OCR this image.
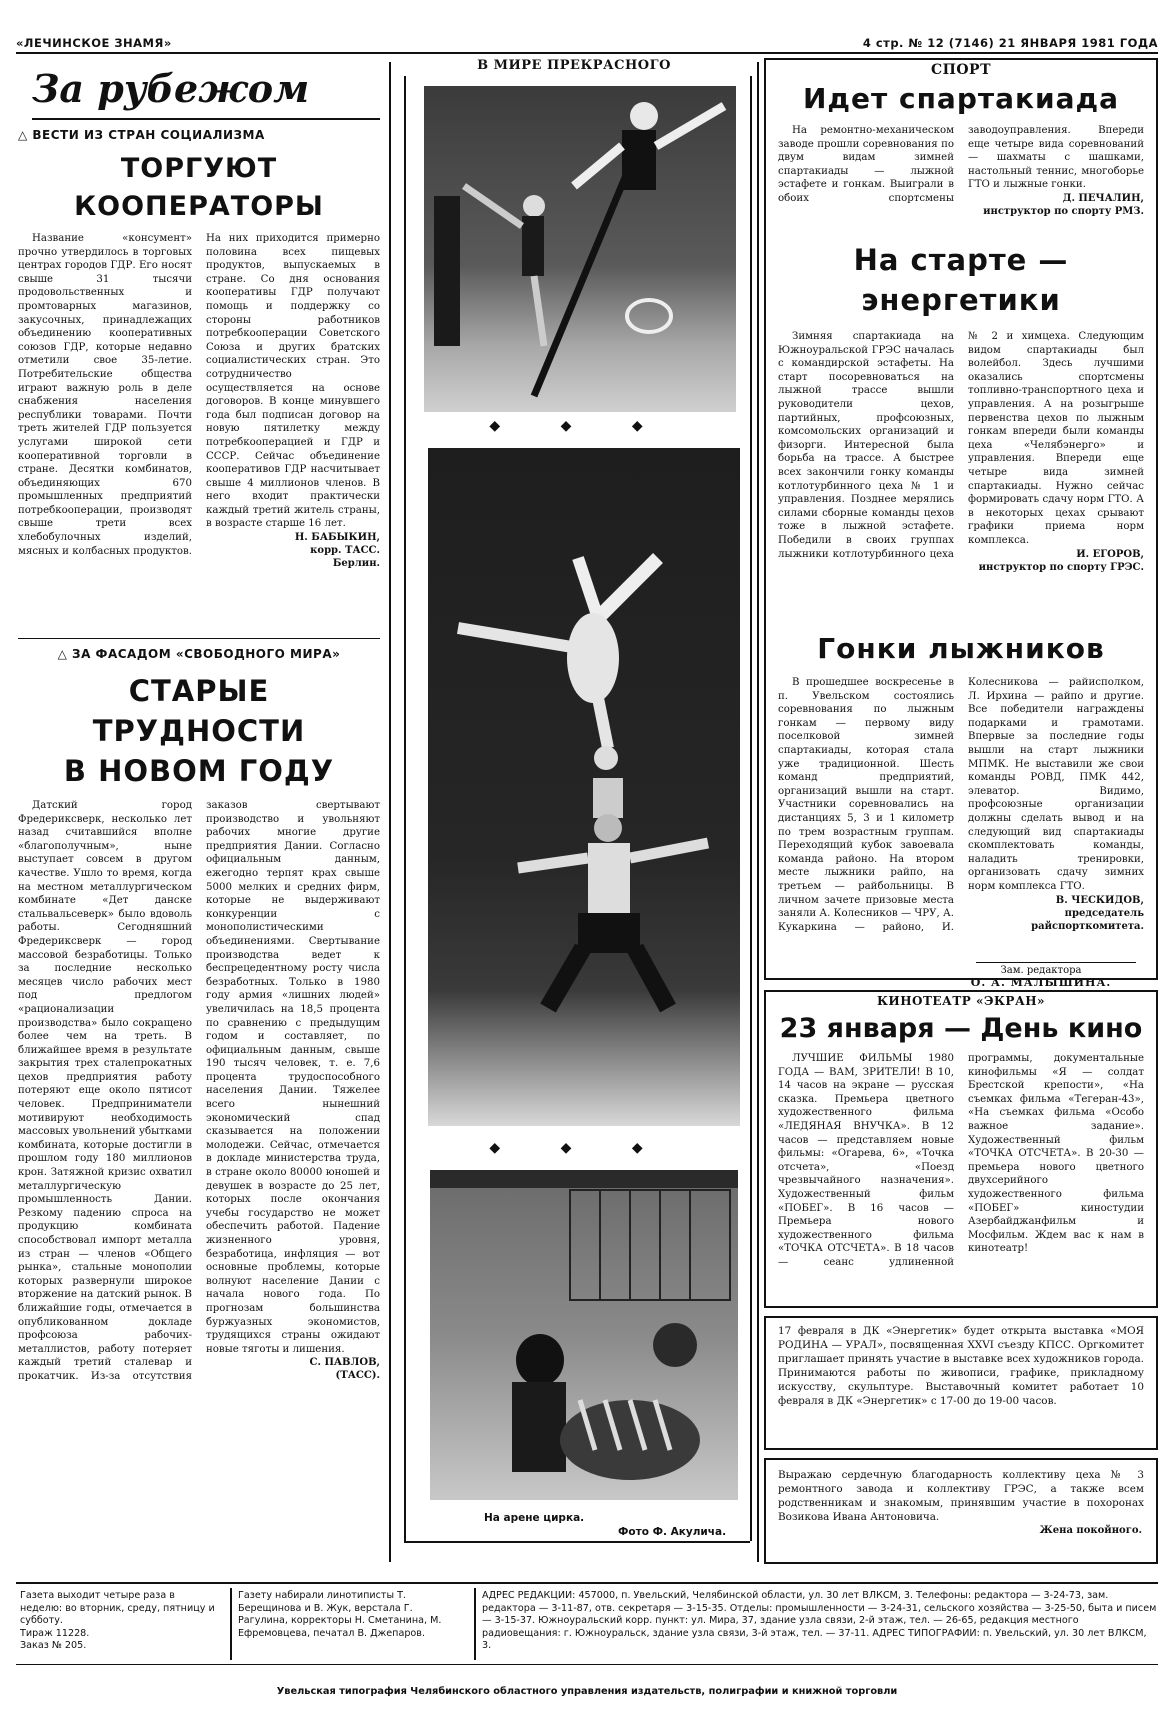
«ЛЕЧИНСКОЕ ЗНАМЯ»	4 стр. № 12 (7146) 21 ЯНВАРЯ 1981 ГОДА
За рубежом
△ ВЕСТИ ИЗ СТРАН СОЦИАЛИЗМА
ТОРГУЮТ КООПЕРАТОРЫ

Название «консумент» прочно утвердилось в торговых центрах городов ГДР. Его носят свыше 31 тысячи продовольственных и промтоварных магазинов, закусочных, принадлежащих объединению кооперативных союзов ГДР, которые недавно отметили свое 35-летие. Потребительские общества играют важную роль в деле снабжения населения республики товарами. Почти треть жителей ГДР пользуется услугами широкой сети кооперативной торговли в стране. Десятки комбинатов, объединяющих 670 промышленных предприятий потребкооперации, производят свыше трети всех хлебобулочных изделий, мясных и колбасных продуктов. На них приходится примерно половина всех пищевых продуктов, выпускаемых в стране. Со дня основания кооперативы ГДР получают помощь и поддержку со стороны работников потребкооперации Советского Союза и других братских социалистических стран. Это сотрудничество осуществляется на основе договоров. В конце минувшего года был подписан договор на новую пятилетку между потребкооперацией и ГДР и СССР. Сейчас объединение кооперативов ГДР насчитывает свыше 4 миллионов членов. В него входит практически каждый третий житель страны, в возрасте старше 16 лет.

Н. БАБЫКИН,
корр. ТАСС.
Берлин.
△ ЗА ФАСАДОМ «СВОБОДНОГО МИРА»
СТАРЫЕ ТРУДНОСТИ
В НОВОМ ГОДУ

Датский город Фредериксверк, несколько лет назад считавшийся вполне «благополучным», ныне выступает совсем в другом качестве. Ушло то время, когда на местном металлургическом комбинате «Дет данске стальвальсеверк» было вдоволь работы. Сегодняшний Фредериксверк — город массовой безработицы. Только за последние несколько месяцев число рабочих мест под предлогом «рационализации производства» было сокращено более чем на треть. В ближайшее время в результате закрытия трех сталепрокатных цехов предприятия работу потеряют еще около пятисот человек. Предприниматели мотивируют необходимость массовых увольнений убытками комбината, которые достигли в прошлом году 180 миллионов крон. Затяжной кризис охватил металлургическую промышленность Дании. Резкому падению спроса на продукцию комбината способствовал импорт металла из стран — членов «Общего рынка», стальные монополии которых развернули широкое вторжение на датский рынок. В ближайшие годы, отмечается в опубликованном докладе профсоюза рабочих-металлистов, работу потеряет каждый третий сталевар и прокатчик. Из-за отсутствия заказов свертывают производство и увольняют рабочих многие другие предприятия Дании. Согласно официальным данным, ежегодно терпят крах свыше 5000 мелких и средних фирм, которые не выдерживают конкуренции с монополистическими объединениями. Свертывание производства ведет к беспрецедентному росту числа безработных. Только в 1980 году армия «лишних людей» увеличилась на 18,5 процента по сравнению с предыдущим годом и составляет, по официальным данным, свыше 190 тысяч человек, т. е. 7,6 процента трудоспособного населения Дании. Тяжелее всего нынешний экономический спад сказывается на положении молодежи. Сейчас, отмечается в докладе министерства труда, в стране около 80000 юношей и девушек в возрасте до 25 лет, которых после окончания учебы государство не может обеспечить работой. Падение жизненного уровня, безработица, инфляция — вот основные проблемы, которые волнуют население Дании с начала нового года. По прогнозам большинства буржуазных экономистов, трудящихся страны ожидают новые тяготы и лишения.

С. ПАВЛОВ,
(ТАСС).
В МИРЕ ПРЕКРАСНОГО
◆ ◆ ◆
◆ ◆ ◆
На арене цирка.
Фото Ф. Акулича.
СПОРТ
Идет спартакиада

На ремонтно-механическом заводе прошли соревнования по двум видам зимней спартакиады — лыжной эстафете и гонкам. Выиграли в обоих спортсмены заводоуправления. Впереди еще четыре вида соревнований — шахматы с шашками, настольный теннис, многоборье ГТО и лыжные гонки.

Д. ПЕЧАЛИН,
инструктор по спорту РМЗ.
На старте — энергетики

Зимняя спартакиада на Южноуральской ГРЭС началась с командирской эстафеты. На старт посоревноваться на лыжной трассе вышли руководители цехов, партийных, профсоюзных, комсомольских организаций и физорги. Интересной была борьба на трассе. А быстрее всех закончили гонку команды котлотурбинного цеха № 1 и управления. Позднее мерялись силами сборные команды цехов тоже в лыжной эстафете. Победили в своих группах лыжники котлотурбинного цеха № 2 и химцеха. Следующим видом спартакиады был волейбол. Здесь лучшими оказались спортсмены топливно-транспортного цеха и управления. А на розыгрыше первенства цехов по лыжным гонкам впереди были команды цеха «Челябэнерго» и управления. Впереди еще четыре вида зимней спартакиады. Нужно сейчас формировать сдачу норм ГТО. А в некоторых цехах срывают графики приема норм комплекса.

И. ЕГОРОВ,
инструктор по спорту ГРЭС.
Гонки лыжников

В прошедшее воскресенье в п. Увельском состоялись соревнования по лыжным гонкам — первому виду поселковой зимней спартакиады, которая стала уже традиционной. Шесть команд предприятий, организаций вышли на старт. Участники соревновались на дистанциях 5, 3 и 1 километр по трем возрастным группам. Переходящий кубок завоевала команда районо. На втором месте лыжники райпо, на третьем — райбольницы. В личном зачете призовые места заняли А. Колесников — ЧРУ, А. Кукаркина — районо, И. Колесникова — райисполком, Л. Ирхина — райпо и другие. Все победители награждены подарками и грамотами. Впервые за последние годы вышли на старт лыжники МПМК. Не выставили же свои команды РОВД, ПМК 442, элеватор. Видимо, профсоюзные организации должны сделать вывод и на следующий вид спартакиады скомплектовать команды, наладить тренировки, организовать сдачу зимних норм комплекса ГТО.

В. ЧЕСКИДОВ,
председатель райспорткомитета.
Зам. редактора
О. А. МАЛЫШИНА.
КИНОТЕАТР «ЭКРАН»
23 января — День кино

ЛУЧШИЕ ФИЛЬМЫ 1980 ГОДА — ВАМ, ЗРИТЕЛИ! В 10, 14 часов на экране — русская сказка. Премьера цветного художественного фильма «ЛЕДЯНАЯ ВНУЧКА». В 12 часов — представляем новые фильмы: «Огарева, 6», «Точка отсчета», «Поезд чрезвычайного назначения». Художественный фильм «ПОБЕГ». В 16 часов — Премьера нового художественного фильма «ТОЧКА ОТСЧЕТА». В 18 часов — сеанс удлиненной программы, документальные кинофильмы «Я — солдат Брестской крепости», «На съемках фильма «Тегеран-43», «На съемках фильма «Особо важное задание». Художественный фильм «ТОЧКА ОТСЧЕТА». В 20-30 — премьера нового цветного двухсерийного художественного фильма «ПОБЕГ» киностудии Азербайджанфильм и Мосфильм. Ждем вас к нам в кинотеатр!

17 февраля в ДК «Энергетик» будет открыта выставка «МОЯ РОДИНА — УРАЛ», посвященная XXVI съезду КПСС. Оргкомитет приглашает принять участие в выставке всех художников города. Принимаются работы по живописи, графике, прикладному искусству, скульптуре. Выставочный комитет работает 10 февраля в ДК «Энергетик» с 17-00 до 19-00 часов.
Выражаю сердечную благодарность коллективу цеха № 3 ремонтного завода и коллективу ГРЭС, а также всем родственникам и знакомым, принявшим участие в похоронах Возикова Ивана Антоновича.
Жена покойного.
Газета выходит четыре раза в неделю: во вторник, среду, пятницу и субботу.
Тираж 11228.
Заказ № 205.
Газету набирали линотиписты Т. Берещинова и В. Жук, верстала Г. Рагулина, корректоры Н. Сметанина, М. Ефремовцева, печатал В. Джепаров.
АДРЕС РЕДАКЦИИ: 457000, п. Увельский, Челябинской области, ул. 30 лет ВЛКСМ, 3. Телефоны: редактора — 3-24-73, зам. редактора — 3-11-87, отв. секретаря — 3-15-35. Отделы: промышленности — 3-24-31, сельского хозяйства — 3-25-50, быта и писем — 3-15-37. Южноуральский корр. пункт: ул. Мира, 37, здание узла связи, 2-й этаж, тел. — 26-65, редакция местного радиовещания: г. Южноуральск, здание узла связи, 3-й этаж, тел. — 37-11. АДРЕС ТИПОГРАФИИ: п. Увельский, ул. 30 лет ВЛКСМ, 3.
Увельская типография Челябинского областного управления издательств, полиграфии и книжной торговли
